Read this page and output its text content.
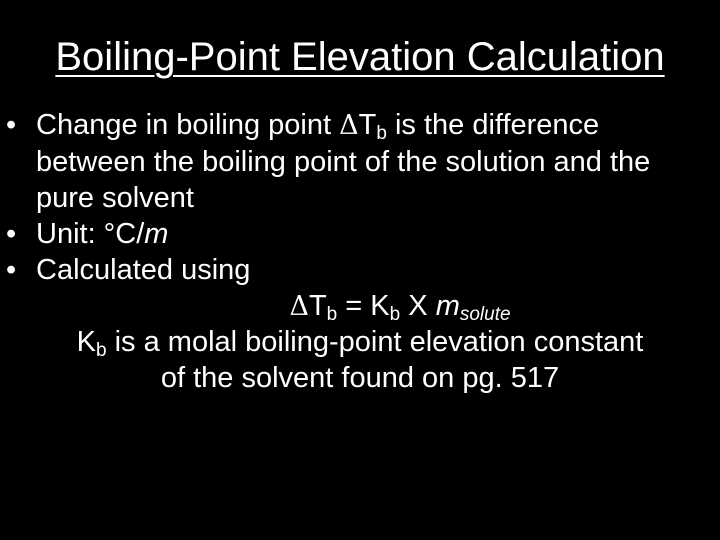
Boiling-Point Elevation Calculation
• Change in boiling point $\Delta T_b$ is the difference between the boiling point of the solution and the pure solvent
• Unit: °C/m
• Calculated using
$\Delta T_b = K_b$ X $m_{solute}$
$K_b$ is a molal boiling-point elevation constant
of the solvent found on pg. 517
